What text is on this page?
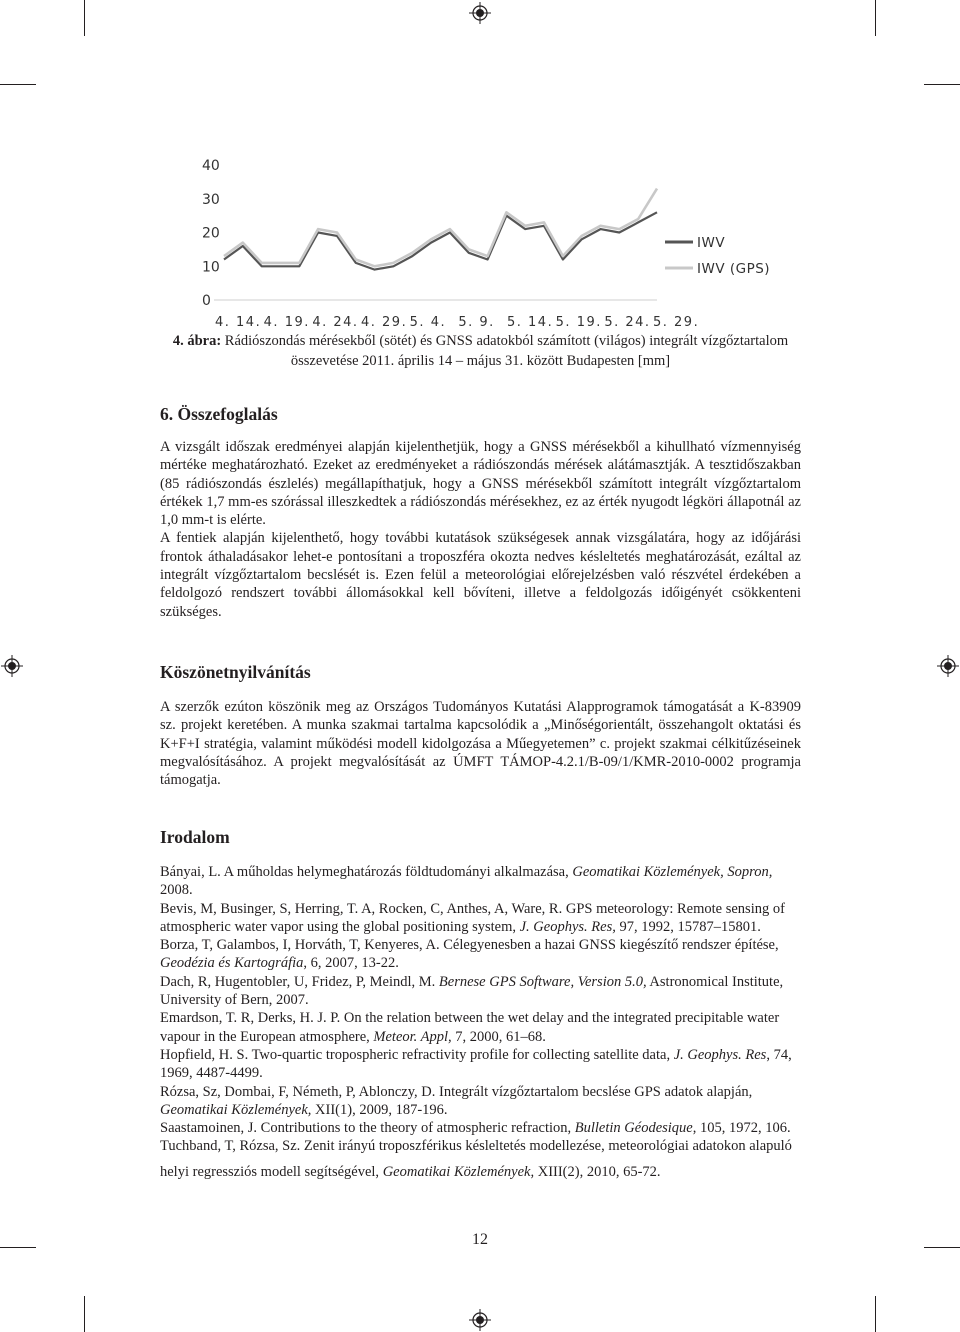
0
10
20
30
40
4. 14. 4. 19. 4. 24. 4. 29. 5. 4. 5. 9. 5. 14. 5. 19. 5. 24. 5. 29.
IWV
IWV (GPS)

4. ábra: Rádiószondás mérésekből (sötét) és GNSS adatokból számított (világos) integrált vízgőztartalom összevetése 2011. április 14 – május 31. között Budapesten [mm]

6. Összefoglalás

A vizsgált időszak eredményei alapján kijelenthetjük, hogy a GNSS mérésekből a kihullható vízmennyiség mértéke meghatározható. Ezeket az eredményeket a rádiószondás mérések alátámasztják. A tesztidőszakban (85 rádiószondás észlelés) megállapíthatjuk, hogy a GNSS mérésekből számított integrált vízgőztartalom értékek 1,7 mm-es szórással illeszkedtek a rádiószondás mérésekhez, ez az érték nyugodt légköri állapotnál az 1,0 mm-t is elérte.

A fentiek alapján kijelenthető, hogy további kutatások szükségesek annak vizsgálatára, hogy az időjárási frontok áthaladásakor lehet-e pontosítani a troposzféra okozta nedves késleltetés meghatározását, ezáltal az integrált vízgőztartalom becslését is. Ezen felül a meteorológiai előrejelzésben való részvétel érdekében a feldolgozó rendszert további állomásokkal kell bővíteni, illetve a feldolgozás időigényét csökkenteni szükséges.

Köszönetnyilvánítás

A szerzők ezúton köszönik meg az Országos Tudományos Kutatási Alapprogramok támogatását a K-83909 sz. projekt keretében. A munka szakmai tartalma kapcsolódik a „Minőségorientált, összehangolt oktatási és K+F+I stratégia, valamint működési modell kidolgozása a Műegyetemen” c. projekt szakmai célkitűzéseinek megvalósításához. A projekt megvalósítását az ÚMFT TÁMOP-4.2.1/B-09/1/KMR-2010-0002 programja támogatja.

Irodalom

Bányai, L. A műholdas helymeghatározás földtudományi alkalmazása, Geomatikai Közlemények, Sopron, 2008.

Bevis, M, Businger, S, Herring, T. A, Rocken, C, Anthes, A, Ware, R. GPS meteorology: Remote sensing of atmospheric water vapor using the global positioning system, J. Geophys. Res, 97, 1992, 15787–15801.

Borza, T, Galambos, I, Horváth, T, Kenyeres, A. Célegyenesben a hazai GNSS kiegészítő rendszer építése, Geodézia és Kartográfia, 6, 2007, 13-22.

Dach, R, Hugentobler, U, Fridez, P, Meindl, M. Bernese GPS Software, Version 5.0, Astronomical Institute, University of Bern, 2007.

Emardson, T. R, Derks, H. J. P. On the relation between the wet delay and the integrated precipitable water vapour in the European atmosphere, Meteor. Appl, 7, 2000, 61–68.

Hopfield, H. S. Two-quartic tropospheric refractivity profile for collecting satellite data, J. Geophys. Res, 74, 1969, 4487-4499.

Rózsa, Sz, Dombai, F, Németh, P, Ablonczy, D. Integrált vízgőztartalom becslése GPS adatok alapján, Geomatikai Közlemények, XII(1), 2009, 187-196.

Saastamoinen, J. Contributions to the theory of atmospheric refraction, Bulletin Géodesique, 105, 1972, 106.

Tuchband, T, Rózsa, Sz. Zenit irányú troposzférikus késleltetés modellezése, meteorológiai adatokon alapuló helyi regressziós modell segítségével, Geomatikai Közlemények, XIII(2), 2010, 65-72.

12
